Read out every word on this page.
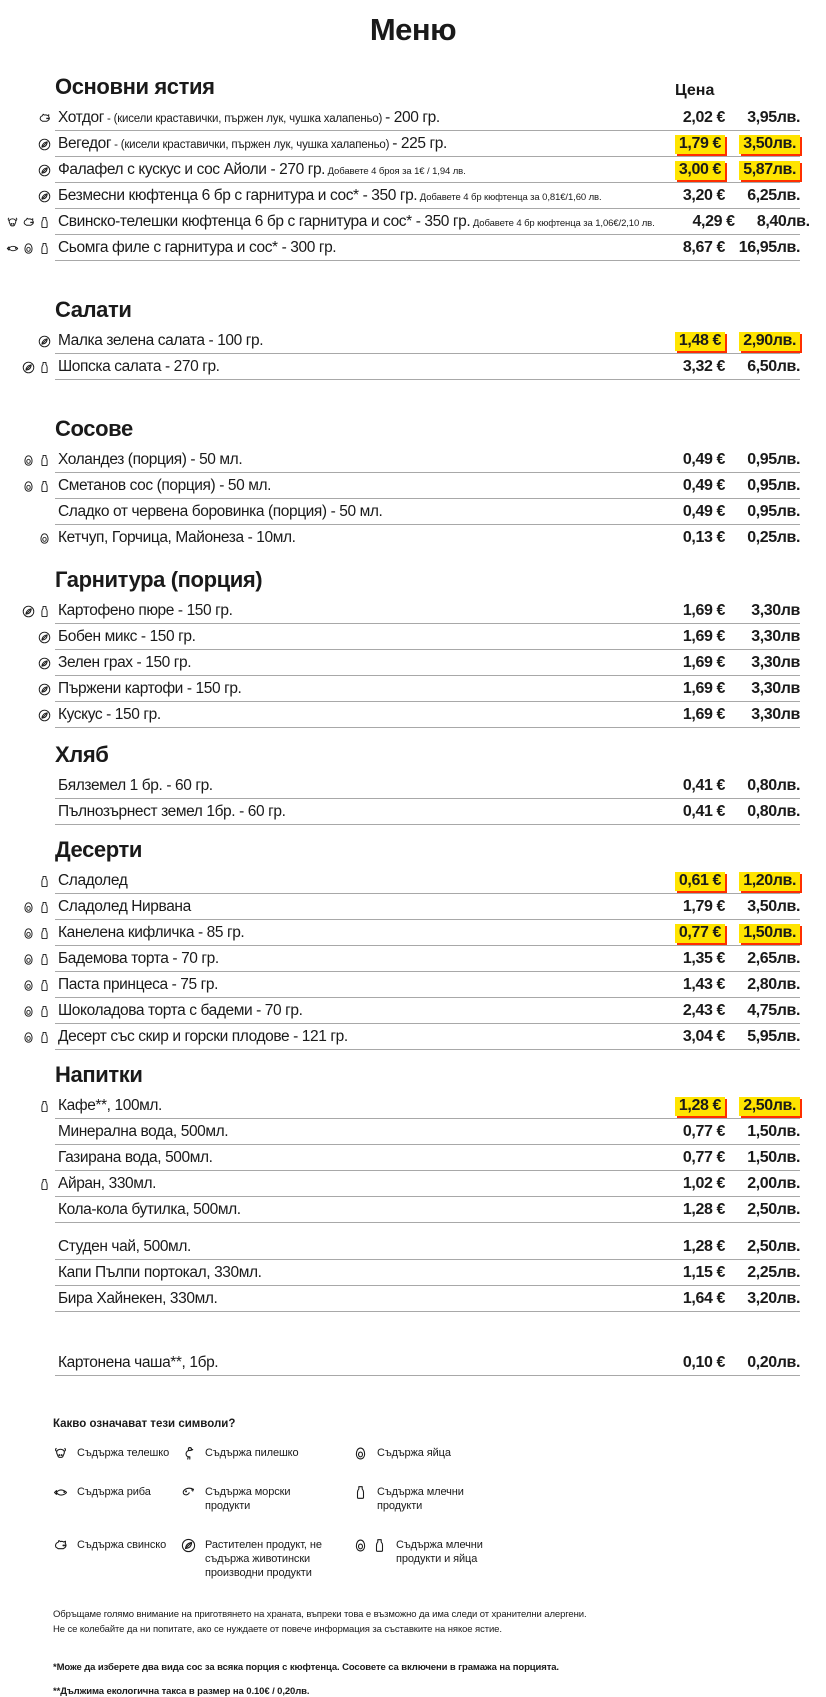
Меню
Основни ястия	Цена
Хотдог - (кисели краставички, пържен лук, чушка халапеньо) - 200 гр.	2,02 €	3,95лв.
Вегедог - (кисели краставички, пържен лук, чушка халапеньо) - 225 гр.	1,79 €	3,50лв.
Фалафел с кускус и сос Айоли - 270 гр. Добавете 4 броя за 1€ / 1,94 лв.	3,00 €	5,87лв.
Безмесни кюфтенца 6 бр с гарнитура и сос* - 350 гр. Добавете 4 бр кюфтенца за 0,81€/1,60 лв.	3,20 €	6,25лв.
Свинско-телешки кюфтенца 6 бр с гарнитура и сос* - 350 гр. Добавете 4 бр кюфтенца за 1,06€/2,10 лв.	4,29 €	8,40лв.
Сьомга филе с гарнитура и сос* - 300 гр.	8,67 € 16,95лв.
Салати
Малка зелена салата - 100 гр.	1,48 €	2,90лв.
Шопска салата - 270 гр.	3,32 €	6,50лв.
Сосове
Холандез (порция) - 50 мл.	0,49 €	0,95лв.
Сметанов сос (порция) - 50 мл.	0,49 €	0,95лв.
Сладко от червена боровинка (порция) - 50 мл.	0,49 €	0,95лв.
Кетчуп, Горчица, Майонеза - 10мл.	0,13 €	0,25лв.
Гарнитура (порция)
Картофено пюре - 150 гр.	1,69 €	3,30лв
Бобен микс - 150 гр.	1,69 €	3,30лв
Зелен грах - 150 гр.	1,69 €	3,30лв
Пържени картофи - 150 гр.	1,69 €	3,30лв
Кускус - 150 гр.	1,69 €	3,30лв
Хляб
Бялземел 1 бр. - 60 гр.	0,41 €	0,80лв.
Пълнозърнест земел 1бр. - 60 гр.	0,41 €	0,80лв.
Десерти
Сладолед	0,61 €	1,20лв.
Сладолед Нирвана	1,79 €	3,50лв.
Канелена кифличка - 85 гр.	0,77 €	1,50лв.
Бадемова торта - 70 гр.	1,35 €	2,65лв.
Паста принцеса - 75 гр.	1,43 €	2,80лв.
Шоколадова торта с бадеми - 70 гр.	2,43 €	4,75лв.
Десерт със скир и горски плодове - 121 гр.	3,04 €	5,95лв.
Напитки
Кафе**, 100мл.	1,28 €	2,50лв.
Минерална вода, 500мл.	0,77 €	1,50лв.
Газирана вода, 500мл.	0,77 €	1,50лв.
Айран, 330мл.	1,02 €	2,00лв.
Кола-кола бутилка, 500мл.	1,28 €	2,50лв.
Студен чай, 500мл.	1,28 €	2,50лв.
Капи Пълпи портокал, 330мл.	1,15 €	2,25лв.
Бира Хайнекен, 330мл.	1,64 €	3,20лв.
Картонена чаша**, 1бр.	0,10 €	0,20лв.
Какво означават тези символи?
Съдържа телешко	Съдържа пилешко	Съдържа яйца
Съдържа риба	Съдържа морски продукти
Съдържа млечни продукти
Съдържа свинско	Растителен продукт, не съдържа животински производни продукти
Съдържа млечни продукти и яйца

Обръщаме голямо внимание на приготвянето на храната, въпреки това е възможно да има следи от хранителни алергени.
Не се колебайте да ни попитате, ако се нуждаете от повече информация за съставките на някое ястие.

*Може да изберете два вида сос за всяка порция с кюфтенца. Сосовете са включени в грамажа на порцията.

**Дължима екологична такса в размер на 0.10€ / 0,20лв.
